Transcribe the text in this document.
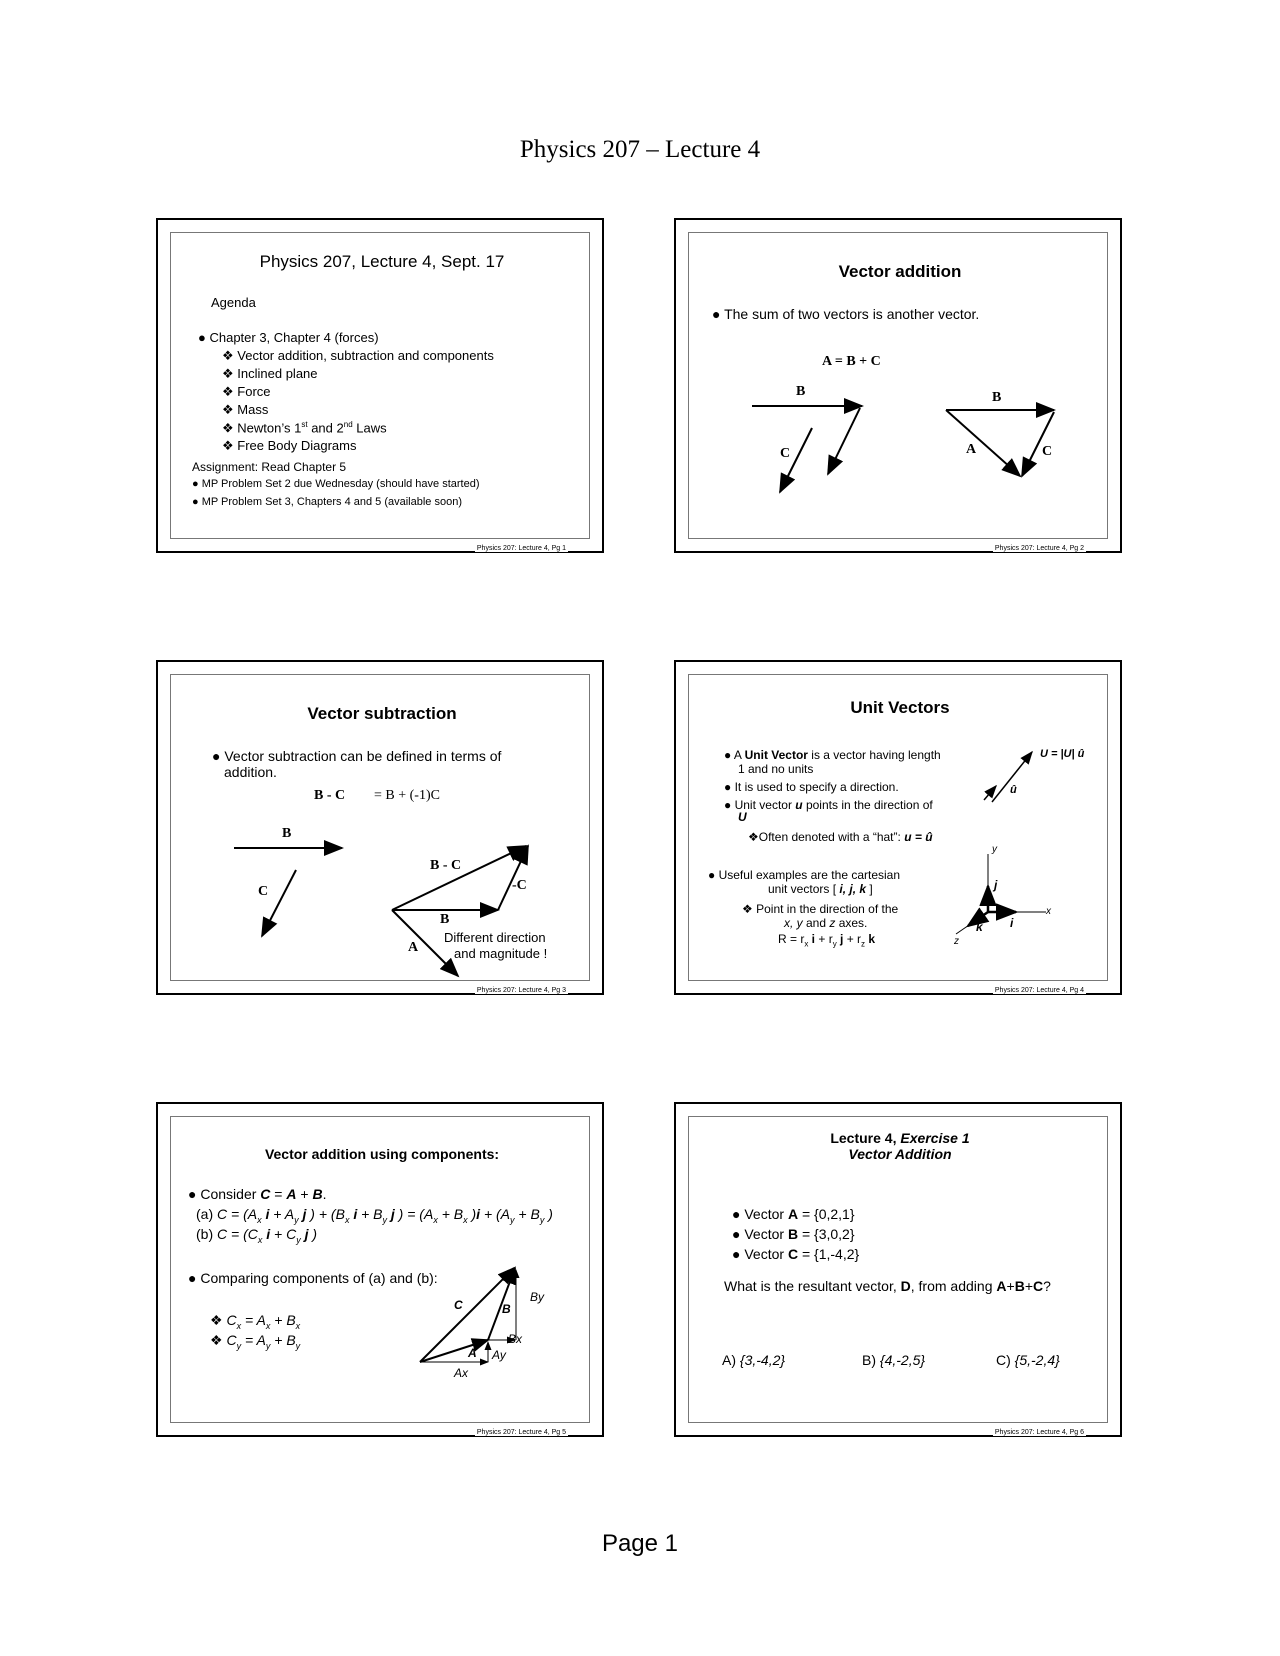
Physics 207 – Lecture 4
Physics 207, Lecture 4, Sept. 17
Agenda
● Chapter 3, Chapter 4 (forces)
❖ Vector addition, subtraction and components
❖ Inclined plane
❖ Force
❖ Mass
❖ Newton’s 1st and 2nd Laws
❖ Free Body Diagrams
Assignment: Read Chapter 5
● MP Problem Set 2 due Wednesday (should have started)
● MP Problem Set 3, Chapters 4 and 5 (available soon)
Physics 207: Lecture 4, Pg 1
Vector addition
● The sum of two vectors is another vector.
A = B + C
B
C
B
A	C
Physics 207: Lecture 4, Pg 2
Vector subtraction
● Vector subtraction can be defined in terms of
addition.
B - C = B + (-1)C
B
C
B - C
-C
B
A
Different direction
and magnitude !
Physics 207: Lecture 4, Pg 3
Unit Vectors
● A Unit Vector is a vector having length
1 and no units
● It is used to specify a direction.
● Unit vector u points in the direction of
U
❖Often denoted with a “hat”: u = û
● Useful examples are the cartesian
unit vectors [ i, j, k ]
❖ Point in the direction of the
x, y and z axes.
$R = r_x$ $i + r_y$ $j + r_z$ k
U = |U| û
û
y
x
z
j
i
k
Physics 207: Lecture 4, Pg 4
Vector addition using components:
● Consider C = A + B.
(a) $C = (A_x$ $i + A_y$ j ) + ($B_x$ $i + B_y$ j ) = ($A_x + B_x$ )$i + (A_y + B_y$ )
(b) $C = (C_x$ $i + C_y$ j )
● Comparing components of (a) and (b):
❖ $C_x = A_x + B_x$
❖ $C_y = A_y + B_y$
C	B
By
A Ay
Bx
Ax
Physics 207: Lecture 4, Pg 5
Lecture 4, Exercise 1
Vector Addition
● Vector A = {0,2,1}
● Vector B = {3,0,2}
● Vector C = {1,-4,2}
What is the resultant vector, D, from adding A+B+C?
A) {3,-4,2}	B) {4,-2,5}	C) {5,-2,4}
Physics 207: Lecture 4, Pg 6
Page 1
